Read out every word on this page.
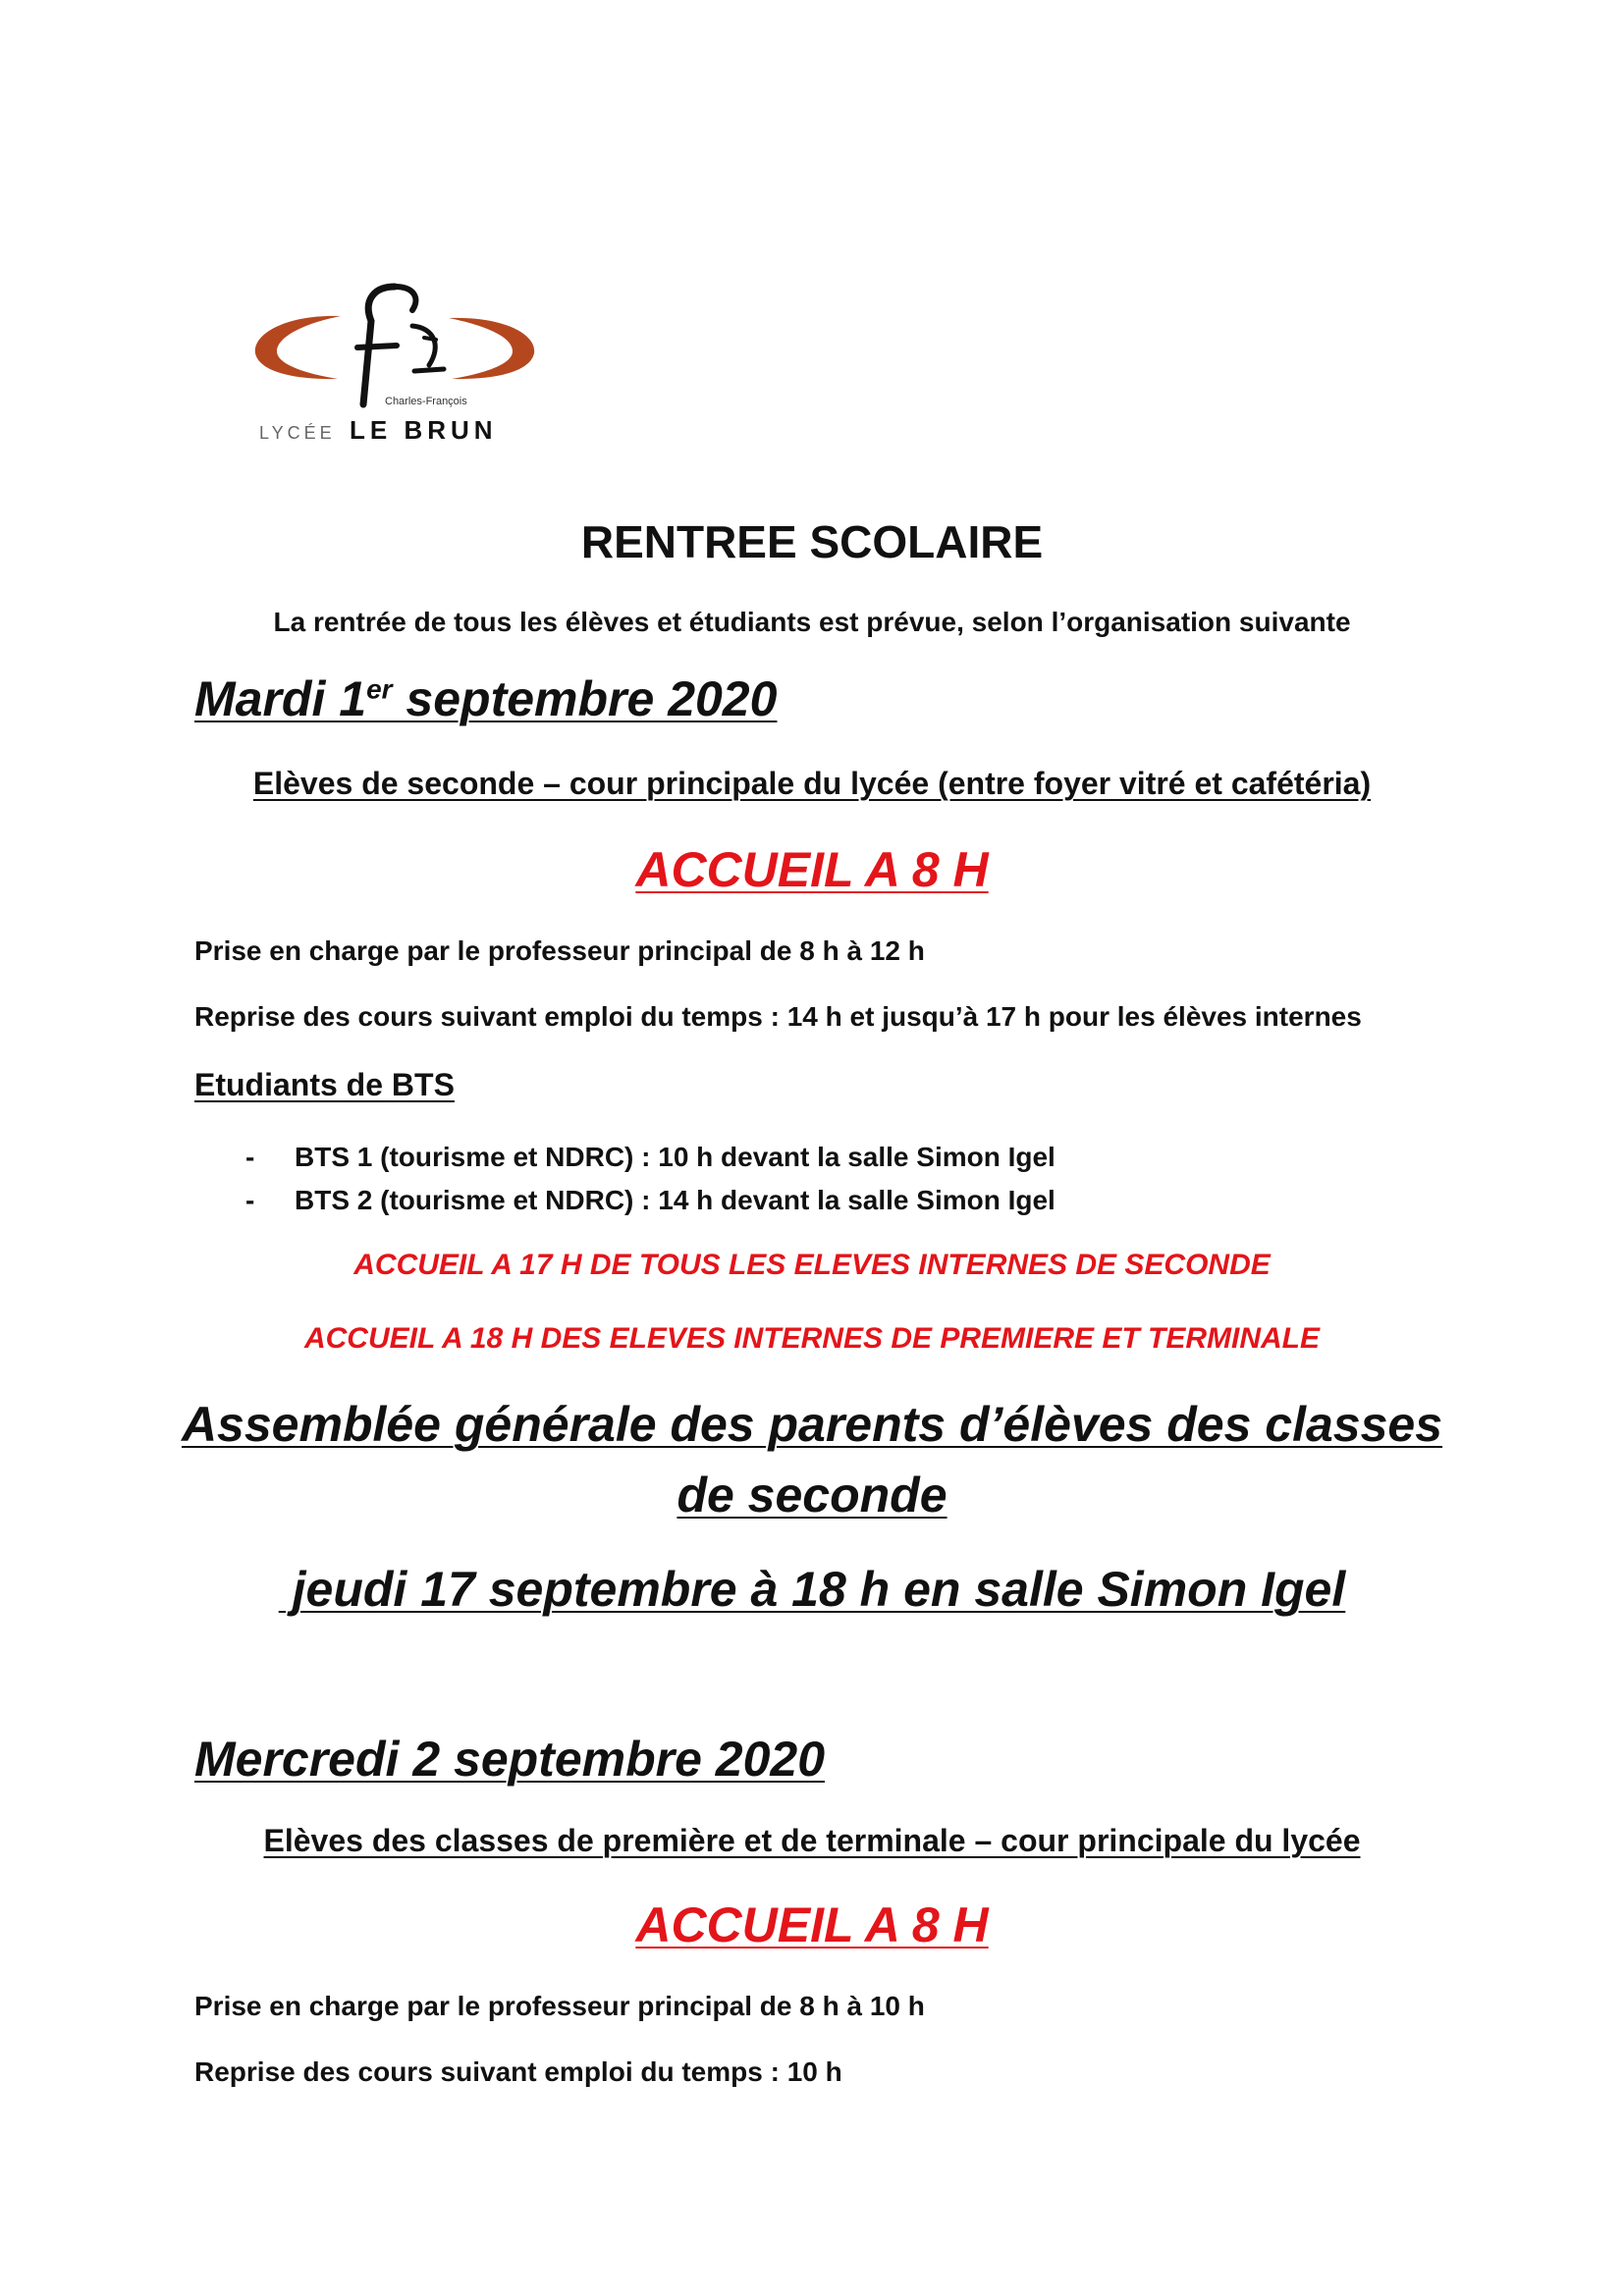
Charles-François
LYCÉE LE BRUN
RENTREE SCOLAIRE
La rentrée de tous les élèves et étudiants est prévue, selon l’organisation suivante
Mardi 1er septembre 2020
Elèves de seconde – cour principale du lycée (entre foyer vitré et cafétéria)
ACCUEIL A 8 H
Prise en charge par le professeur principal de 8 h à 12 h
Reprise des cours suivant emploi du temps : 14 h et jusqu’à 17 h pour les élèves internes
Etudiants de BTS
-	BTS 1 (tourisme et NDRC) : 10 h devant la salle Simon Igel
-	BTS 2 (tourisme et NDRC) : 14 h devant la salle Simon Igel
ACCUEIL A 17 H DE TOUS LES ELEVES INTERNES DE SECONDE
ACCUEIL A 18 H DES ELEVES INTERNES DE PREMIERE ET TERMINALE
Assemblée générale des parents d’élèves des classes
de seconde
jeudi 17 septembre à 18 h en salle Simon Igel
Mercredi 2 septembre 2020
Elèves des classes de première et de terminale – cour principale du lycée
ACCUEIL A 8 H
Prise en charge par le professeur principal de 8 h à 10 h
Reprise des cours suivant emploi du temps : 10 h
